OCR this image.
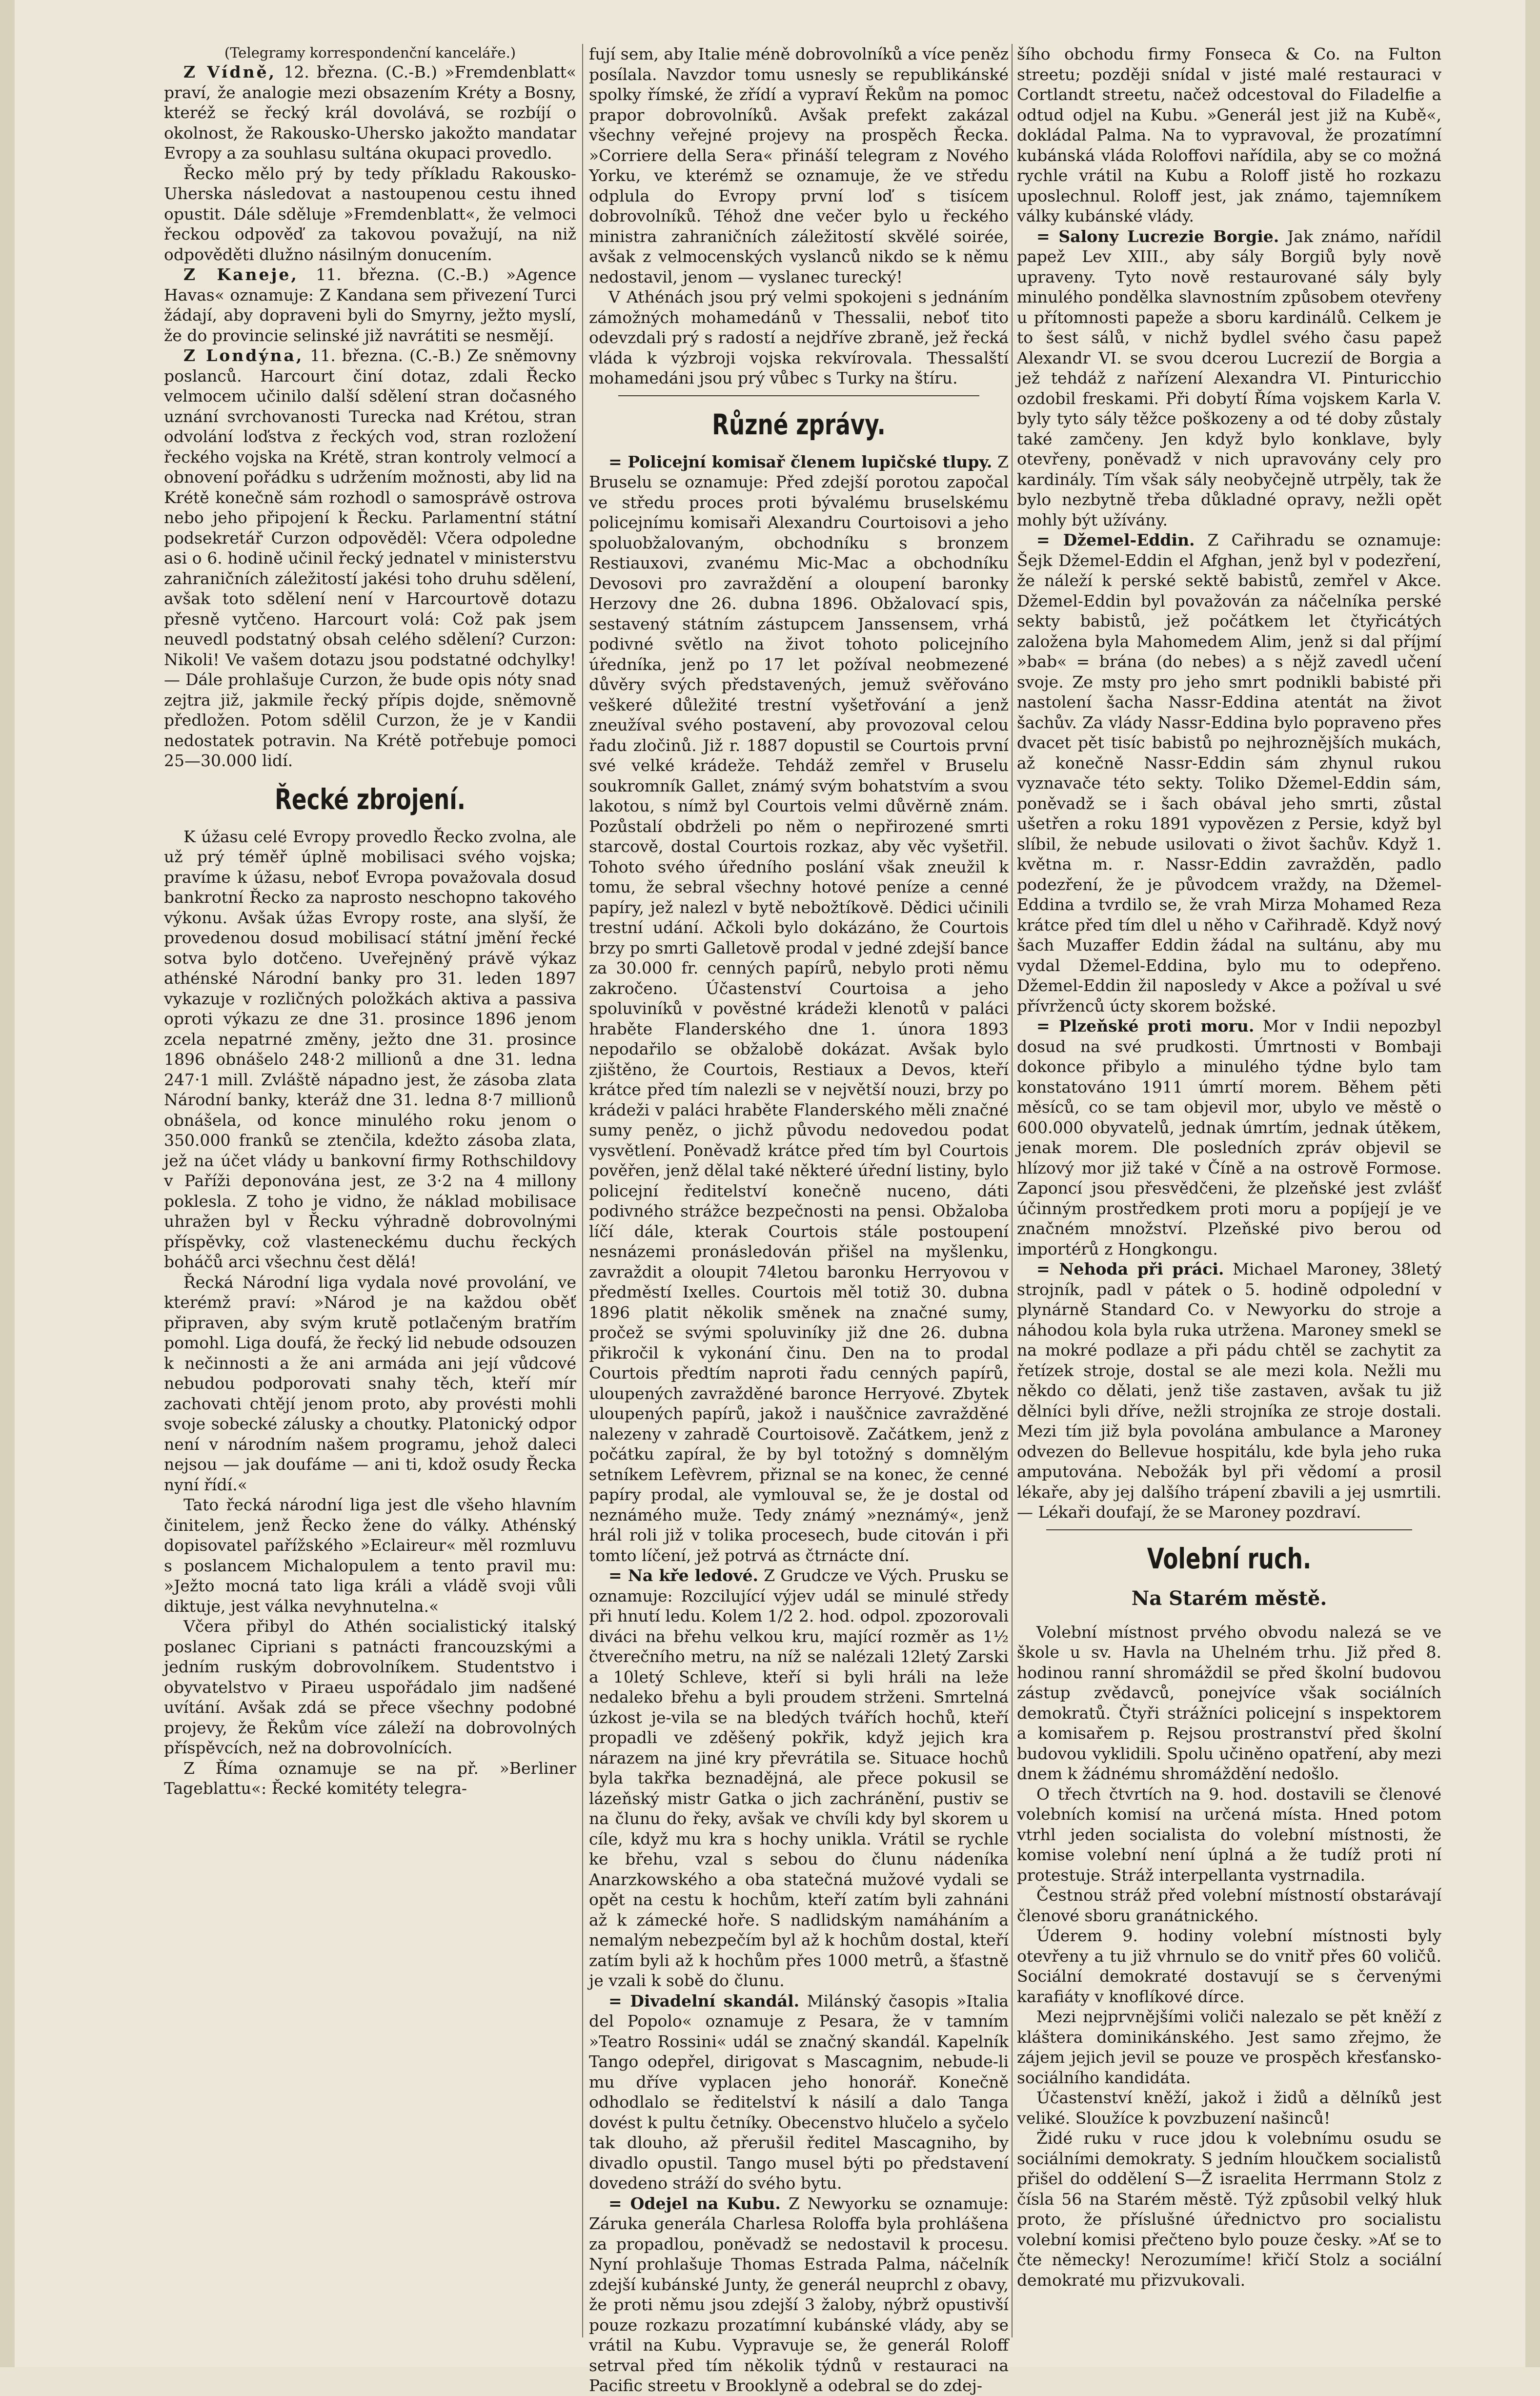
(Telegramy korrespondenční kanceláře.)

Z Vídně, 12. března. (C.-B.) »Fremdenblatt« praví, že analogie mezi obsazením Kréty a Bosny, kteréž se řecký král dovolává, se rozbíjí o okolnost, že Rakousko-Uhersko jakožto mandatar Evropy a za souhlasu sultána okupaci provedlo.

Řecko mělo prý by tedy příkladu Rakousko-Uherska následovat a nastoupenou cestu ihned opustit. Dále sděluje »Fremdenblatt«, že velmoci řeckou odpověď za takovou považují, na niž odpověděti dlužno násilným donucením.

Z Kaneje, 11. března. (C.-B.) »Agence Havas« oznamuje: Z Kandana sem přivezení Turci žádají, aby dopraveni byli do Smyrny, ježto myslí, že do provincie selinské již navrátiti se nesmějí.

Z Londýna, 11. března. (C.-B.) Ze sněmovny poslanců. Harcourt činí dotaz, zdali Řecko velmocem učinilo další sdělení stran dočasného uznání svrchovanosti Turecka nad Krétou, stran odvolání loďstva z řeckých vod, stran rozložení řeckého vojska na Krétě, stran kontroly velmocí a obnovení pořádku s udržením možnosti, aby lid na Krétě konečně sám rozhodl o samosprávě ostrova nebo jeho připojení k Řecku. Parlamentní státní podsekretář Curzon odpověděl: Včera odpoledne asi o 6. hodině učinil řecký jednatel v ministerstvu zahraničních záležitostí jakési toho druhu sdělení, avšak toto sdělení není v Harcourtově dotazu přesně vytčeno. Harcourt volá: Což pak jsem neuvedl podstatný obsah celého sdělení? Curzon: Nikoli! Ve vašem dotazu jsou podstatné odchylky! — Dále prohlašuje Curzon, že bude opis nóty snad zejtra již, jakmile řecký přípis dojde, sněmovně předložen. Potom sdělil Curzon, že je v Kandii nedostatek potravin. Na Krétě potřebuje pomoci 25—30.000 lidí.

Řecké zbrojení.

K úžasu celé Evropy provedlo Řecko zvolna, ale už prý téměř úplně mobilisaci svého vojska; pravíme k úžasu, neboť Evropa považovala dosud bankrotní Řecko za naprosto neschopno takového výkonu. Avšak úžas Evropy roste, ana slyší, že provedenou dosud mobilisací státní jmění řecké sotva bylo dotčeno. Uveřejněný právě výkaz athénské Národní banky pro 31. leden 1897 vykazuje v rozličných položkách aktiva a passiva oproti výkazu ze dne 31. prosince 1896 jenom zcela nepatrné změny, ježto dne 31. prosince 1896 obnášelo 248·2 millionů a dne 31. ledna 247·1 mill. Zvláště nápadno jest, že zásoba zlata Národní banky, kteráž dne 31. ledna 8·7 millionů obnášela, od konce minulého roku jenom o 350.000 franků se ztenčila, kdežto zásoba zlata, jež na účet vlády u bankovní firmy Rothschildovy v Paříži deponována jest, ze 3·2 na 4 millony poklesla. Z toho je vidno, že náklad mobilisace uhražen byl v Řecku výhradně dobrovolnými příspěvky, což vlasteneckému duchu řeckých boháčů arci všechnu čest dělá!

Řecká Národní liga vydala nové provolání, ve kterémž praví: »Národ je na každou oběť připraven, aby svým krutě potlačeným bratřím pomohl. Liga doufá, že řecký lid nebude odsouzen k nečinnosti a že ani armáda ani její vůdcové nebudou podporovati snahy těch, kteří mír zachovati chtějí jenom proto, aby provésti mohli svoje sobecké zálusky a choutky. Platonický odpor není v národním našem programu, jehož daleci nejsou — jak doufáme — ani ti, kdož osudy Řecka nyní řídí.«

Tato řecká národní liga jest dle všeho hlavním činitelem, jenž Řecko žene do války. Athénský dopisovatel pařížského »Eclaireur« měl rozmluvu s poslancem Michalopulem a tento pravil mu: »Ježto mocná tato liga králi a vládě svoji vůli diktuje, jest válka nevyhnutelna.«

Včera přibyl do Athén socialistický italský poslanec Cipriani s patnácti francouzskými a jedním ruským dobrovolníkem. Studentstvo i obyvatelstvo v Piraeu uspořádalo jim nadšené uvítání. Avšak zdá se přece všechny podobné projevy, že Řekům více záleží na dobrovolných příspěvcích, než na dobrovolnících.

Z Říma oznamuje se na př. »Berliner Tageblattu«: Řecké komitéty telegra-

fují sem, aby Italie méně dobrovolníků a více peněz posílala. Navzdor tomu usnesly se republikánské spolky římské, že zřídí a vypraví Řekům na pomoc prapor dobrovolníků. Avšak prefekt zakázal všechny veřejné projevy na prospěch Řecka. »Corriere della Sera« přináší telegram z Nového Yorku, ve kterémž se oznamuje, že ve středu odplula do Evropy první loď s tisícem dobrovolníků. Téhož dne večer bylo u řeckého ministra zahraničních záležitostí skvělé soirée, avšak z velmocenských vyslanců nikdo se k němu nedostavil, jenom — vyslanec turecký!

V Athénách jsou prý velmi spokojeni s jednáním zámožných mohamedánů v Thessalii, neboť tito odevzdali prý s radostí a nejdříve zbraně, jež řecká vláda k výzbroji vojska rekvírovala. Thessalští mohamedáni jsou prý vůbec s Turky na štíru.

Různé zprávy.

= Policejní komisař členem lupičské tlupy. Z Bruselu se oznamuje: Před zdejší porotou započal ve středu proces proti bývalému bruselskému policejnímu komisaři Alexandru Courtoisovi a jeho spoluobžalovaným, obchodníku s bronzem Restiauxovi, zvanému Mic-Mac a obchodníku Devosovi pro zavraždění a oloupení baronky Herzovy dne 26. dubna 1896. Obžalovací spis, sestavený státním zástupcem Janssensem, vrhá podivné světlo na život tohoto policejního úředníka, jenž po 17 let požíval neobmezené důvěry svých představených, jemuž svěřováno veškeré důležité trestní vyšetřování a jenž zneužíval svého postavení, aby provozoval celou řadu zločinů. Již r. 1887 dopustil se Courtois první své velké krádeže. Tehdáž zemřel v Bruselu soukromník Gallet, známý svým bohatstvím a svou lakotou, s nímž byl Courtois velmi důvěrně znám. Pozůstalí obdrželi po něm o nepřirozené smrti starcově, dostal Courtois rozkaz, aby věc vyšetřil. Tohoto svého úředního poslání však zneužil k tomu, že sebral všechny hotové peníze a cenné papíry, jež nalezl v bytě nebožtíkově. Dědici učinili trestní udání. Ačkoli bylo dokázáno, že Courtois brzy po smrti Galletově prodal v jedné zdejší bance za 30.000 fr. cenných papírů, nebylo proti němu zakročeno. Účastenství Courtoisa a jeho spoluviníků v pověstné krádeži klenotů v paláci hraběte Flanderského dne 1. února 1893 nepodařilo se obžalobě dokázat. Avšak bylo zjištěno, že Courtois, Restiaux a Devos, kteří krátce před tím nalezli se v největší nouzi, brzy po krádeži v paláci hraběte Flanderského měli značné sumy peněz, o jichž původu nedovedou podat vysvětlení. Poněvadž krátce před tím byl Courtois pověřen, jenž dělal také některé úřední listiny, bylo policejní ředitelství konečně nuceno, dáti podivného strážce bezpečnosti na pensi. Obžaloba líčí dále, kterak Courtois stále postoupení nesnázemi pronásledován přišel na myšlenku, zavraždit a oloupit 74letou baronku Herryovou v předměstí Ixelles. Courtois měl totiž 30. dubna 1896 platit několik směnek na značné sumy, pročež se svými spoluviníky již dne 26. dubna přikročil k vykonání činu. Den na to prodal Courtois předtím naproti řadu cenných papírů, uloupených zavražděné baronce Herryové. Zbytek uloupených papírů, jakož i nauščnice zavražděné nalezeny v zahradě Courtoisově. Začátkem, jenž z počátku zapíral, že by byl totožný s domnělým setníkem Lefèvrem, přiznal se na konec, že cenné papíry prodal, ale vymlouval se, že je dostal od neznámého muže. Tedy známý »neznámý«, jenž hrál roli již v tolika procesech, bude citován i při tomto líčení, jež potrvá as čtrnácte dní.

= Na kře ledové. Z Grudcze ve Vých. Prusku se oznamuje: Rozcilující výjev udál se minulé středy při hnutí ledu. Kolem 1/2 2. hod. odpol. zpozorovali diváci na břehu velkou kru, mající rozměr as 1½ čtverečního metru, na níž se nalézali 12letý Zarski a 10letý Schleve, kteří si byli hráli na leže nedaleko břehu a byli proudem strženi. Smrtelná úzkost je-vila se na bledých tvářích hochů, kteří propadli ve zděšený pokřik, když jejich kra nárazem na jiné kry převrátila se. Situace hochů byla takřka beznadějná, ale přece pokusil se lázeňský mistr Gatka o jich zachránění, pustiv se na člunu do řeky, avšak ve chvíli kdy byl skorem u cíle, když mu kra s hochy unikla. Vrátil se rychle ke břehu, vzal s sebou do člunu nádeníka Anarzkowského a oba statečná mužové vydali se opět na cestu k hochům, kteří zatím byli zahnáni až k zámecké hoře. S nadlidským namáháním a nemalým nebezpečím byl až k hochům dostal, kteří zatím byli až k hochům přes 1000 metrů, a šťastně je vzali k sobě do člunu.

= Divadelní skandál. Milánský časopis »Italia del Popolo« oznamuje z Pesara, že v tamním »Teatro Rossini« udál se značný skandál. Kapelník Tango odepřel, dirigovat s Mascagnim, nebude-li mu dříve vyplacen jeho honorář. Konečně odhodlalo se ředitelství k násilí a dalo Tanga dovést k pultu četníky. Obecenstvo hlučelo a syčelo tak dlouho, až přerušil ředitel Mascagniho, by divadlo opustil. Tango musel býti po představení dovedeno stráží do svého bytu.

= Odejel na Kubu. Z Newyorku se oznamuje: Záruka generála Charlesa Roloffa byla prohlášena za propadlou, poněvadž se nedostavil k procesu. Nyní prohlašuje Thomas Estrada Palma, náčelník zdejší kubánské Junty, že generál neuprchl z obavy, že proti němu jsou zdejší 3 žaloby, nýbrž opustivší pouze rozkazu prozatímní kubánské vlády, aby se vrátil na Kubu. Vypravuje se, že generál Roloff setrval před tím několik týdnů v restauraci na Pacific streetu v Brooklyně a odebral se do zdej-

šího obchodu firmy Fonseca & Co. na Fulton streetu; později snídal v jisté malé restauraci v Cortlandt streetu, načež odcestoval do Filadelfie a odtud odjel na Kubu. »Generál jest již na Kubě«, dokládal Palma. Na to vypravoval, že prozatímní kubánská vláda Roloffovi nařídila, aby se co možná rychle vrátil na Kubu a Roloff jistě ho rozkazu uposlechnul. Roloff jest, jak známo, tajemníkem války kubánské vlády.

= Salony Lucrezie Borgie. Jak známo, nařídil papež Lev XIII., aby sály Borgiů byly nově upraveny. Tyto nově restaurované sály byly minulého pondělka slavnostním způsobem otevřeny u přítomnosti papeže a sboru kardinálů. Celkem je to šest sálů, v nichž bydlel svého času papež Alexandr VI. se svou dcerou Lucrezií de Borgia a jež tehdáž z nařízení Alexandra VI. Pinturicchio ozdobil freskami. Při dobytí Říma vojskem Karla V. byly tyto sály těžce poškozeny a od té doby zůstaly také zamčeny. Jen když bylo konklave, byly otevřeny, poněvadž v nich upravovány cely pro kardinály. Tím však sály neobyčejně utrpěly, tak že bylo nezbytně třeba důkladné opravy, nežli opět mohly být užívány.

= Džemel-Eddin. Z Cařihradu se oznamuje: Šejk Džemel-Eddin el Afghan, jenž byl v podezření, že náleží k perské sektě babistů, zemřel v Akce. Džemel-Eddin byl považován za náčelníka perské sekty babistů, jež počátkem let čtyřicátých založena byla Mahomedem Alim, jenž si dal příjmí »bab« = brána (do nebes) a s nějž zavedl učení svoje. Ze msty pro jeho smrt podnikli babisté při nastolení šacha Nassr-Eddina atentát na život šachův. Za vlády Nassr-Eddina bylo popraveno přes dvacet pět tisíc babistů po nejhroznějších mukách, až konečně Nassr-Eddin sám zhynul rukou vyznavače této sekty. Tolikо Džemel-Eddin sám, poněvadž se i šach obával jeho smrti, zůstal ušetřen a roku 1891 vypovězen z Persie, když byl slíbil, že nebude usilovati o život šachův. Když 1. května m. r. Nassr-Eddin zavražděn, padlo podezření, že je původcem vraždy, na Džemel-Eddina a tvrdilo se, že vrah Mirza Mohamed Reza krátce před tím dlel u něho v Cařihradě. Když nový šach Muzaffer Eddin žádal na sultánu, aby mu vydal Džemel-Eddina, bylo mu to odepřeno. Džemel-Eddin žil naposledy v Akce a požíval u své přívrženců úcty skorem božské.

= Plzeňské proti moru. Mor v Indii nepozbyl dosud na své prudkosti. Úmrtnosti v Bombaji dokonce přibylo a minulého týdne bylo tam konstatováno 1911 úmrtí morem. Během pěti měsíců, co se tam objevil mor, ubylo ve městě o 600.000 obyvatelů, jednak úmrtím, jednak útěkem, jenak morem. Dle posledních zpráv objevil se hlízový mor již také v Číně a na ostrově Formose. Zaponcí jsou přesvědčeni, že plzeňské jest zvlášť účinným prostředkem proti moru a popíjejí je ve značném množství. Plzeňské pivo berou od importérů z Hongkongu.

= Nehoda při práci. Michael Maroney, 38letý strojník, padl v pátek o 5. hodině odpolední v plynárně Standard Co. v Newyorku do stroje a náhodou kola byla ruka utržena. Maroney smekl se na mokré podlaze a při pádu chtěl se zachytit za řetízek stroje, dostal se ale mezi kola. Nežli mu někdo co dělati, jenž tiše zastaven, avšak tu již dělníci byli dříve, nežli strojníka ze stroje dostali. Mezi tím již byla povolána ambulance a Maroney odvezen do Bellevue hospitálu, kde byla jeho ruka amputována. Nebožák byl při vědomí a prosil lékaře, aby jej dalšího trápení zbavili a jej usmrtili. — Lékaři doufají, že se Maroney pozdraví.

Volební ruch.
Na Starém městě.

Volební místnost prvého obvodu nalezá se ve škole u sv. Havla na Uhelném trhu. Již před 8. hodinou ranní shromáždil se před školní budovou zástup zvědavců, ponejvíce však sociálních demokratů. Čtyři strážníci policejní s inspektorem a komisařem p. Rejsou prostranství před školní budovou vyklidili. Spolu učiněno opatření, aby mezi dnem k žádnému shromáždění nedošlo.

O třech čtvrtích na 9. hod. dostavili se členové volebních komisí na určená místa. Hned potom vtrhl jeden socialista do volební místnosti, že komise volební není úplná a že tudíž proti ní protestuje. Stráž interpellanta vystrnadila.

Čestnou stráž před volební místností obstarávají členové sboru granátnického.

Úderem 9. hodiny volební místnosti byly otevřeny a tu již vhrnulo se do vnitř přes 60 voličů. Sociální demokraté dostavují se s červenými karafiáty v knoflíkové dírce.

Mezi nejprvnějšími voliči nalezalo se pět kněží z kláštera dominikánského. Jest samo zřejmo, že zájem jejich jevil se pouze ve prospěch křesťansko-sociálního kandidáta.

Účastenství kněží, jakož i židů a dělníků jest veliké. Sloužíce k povzbuzení našinců!

Židé ruku v ruce jdou k volebnímu osudu se sociálními demokraty. S jedním hloučkem socialistů přišel do oddělení S—Ž israelita Herrmann Stolz z čísla 56 na Starém městě. Týž způsobil velký hluk proto, že příslušné úřednictvo pro socialistu volební komisi přečteno bylo pouze česky. »Ať se to čte německy! Nerozumíme! křičí Stolz a sociální demokraté mu přizvukovali.
